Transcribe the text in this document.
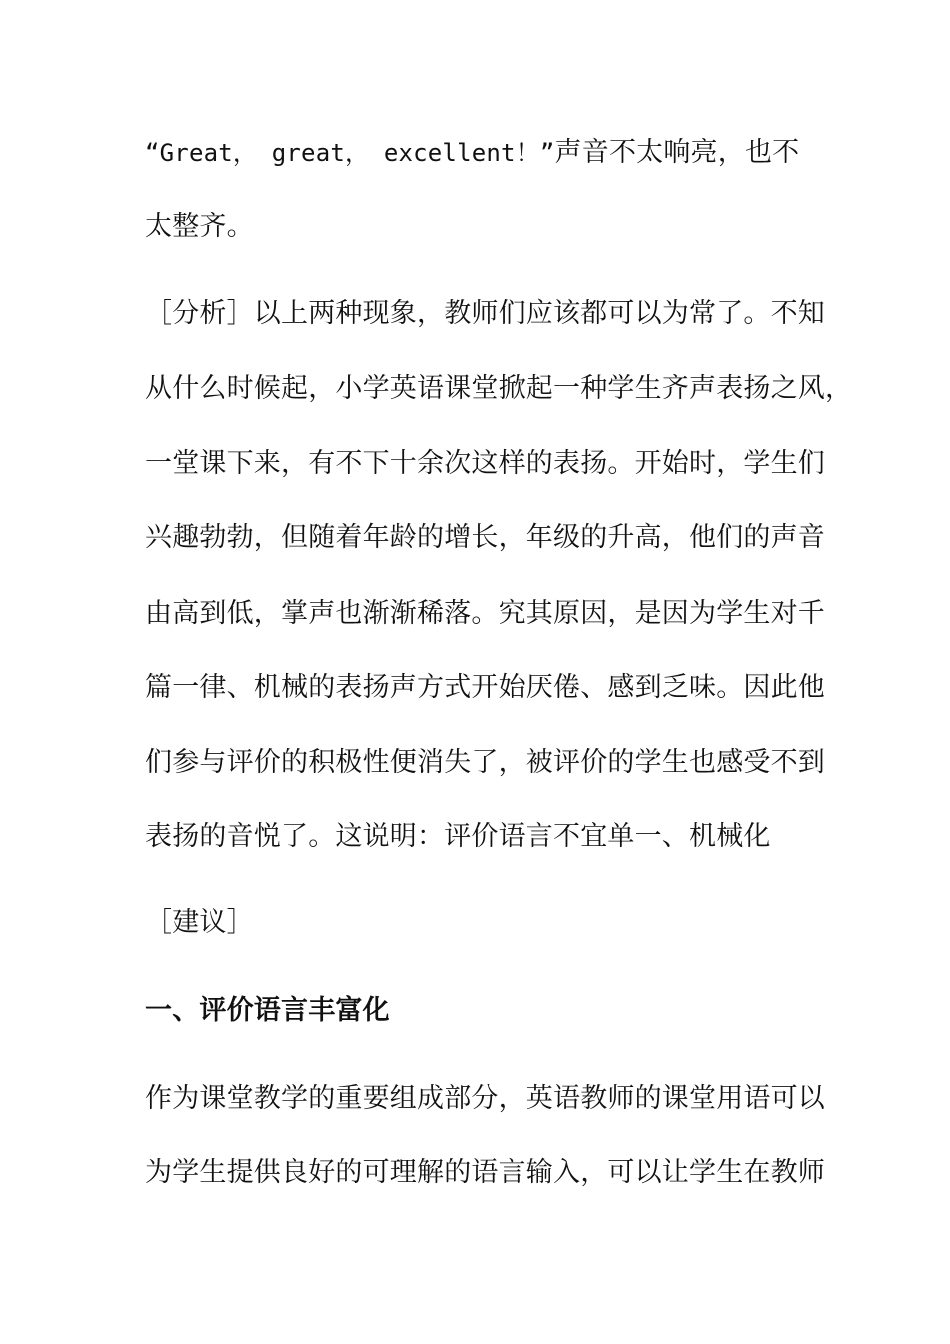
“Great， great， excellent！”声音不太响亮，也不
太整齐。
［分析］以上两种现象，教师们应该都可以为常了。不知
从什么时候起，小学英语课堂掀起一种学生齐声表扬之风，
一堂课下来，有不下十余次这样的表扬。开始时，学生们
兴趣勃勃，但随着年龄的增长，年级的升高，他们的声音
由高到低，掌声也渐渐稀落。究其原因，是因为学生对千
篇一律、机械的表扬声方式开始厌倦、感到乏味。因此他
们参与评价的积极性便消失了，被评价的学生也感受不到
表扬的音悦了。这说明：评价语言不宜单一、机械化
［建议］
一、评价语言丰富化
作为课堂教学的重要组成部分，英语教师的课堂用语可以
为学生提供良好的可理解的语言输入，可以让学生在教师
